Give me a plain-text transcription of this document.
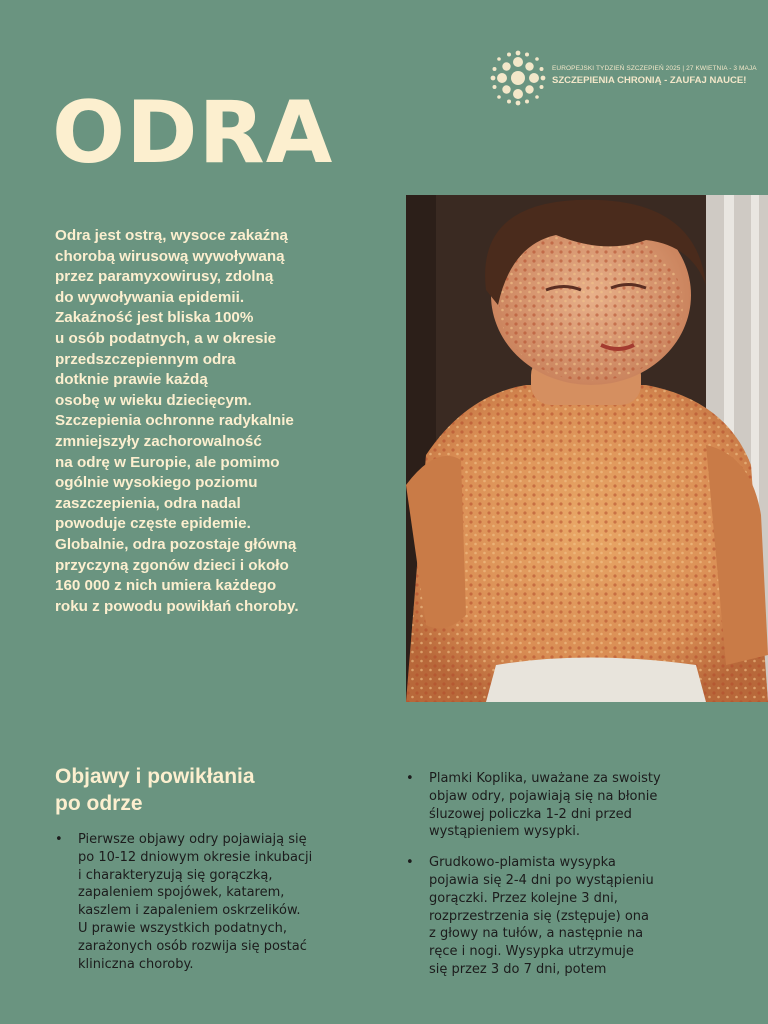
EUROPEJSKI TYDZIEŃ SZCZEPIEŃ 2025 | 27 KWIETNIA - 3 MAJA
SZCZEPIENIA CHRONIĄ - ZAUFAJ NAUCE!
ODRA

Odra jest ostrą, wysoce zakaźną
chorobą wirusową wywoływaną
przez paramyxowirusy, zdolną
do wywoływania epidemii.
Zakaźność jest bliska 100%
u osób podatnych, a w okresie
przedszczepiennym odra
dotknie prawie każdą
osobę w wieku dziecięcym.
Szczepienia ochronne radykalnie
zmniejszyły zachorowalność
na odrę w Europie, ale pomimo
ogólnie wysokiego poziomu
zaszczepienia, odra nadal
powoduje częste epidemie.
Globalnie, odra pozostaje główną
przyczyną zgonów dzieci i około
160 000 z nich umiera każdego
roku z powodu powikłań choroby.

Objawy i powikłania
po odrze
• Pierwsze objawy odry pojawiają się
po 10-12 dniowym okresie inkubacji
i charakteryzują się gorączką,
zapaleniem spojówek, katarem,
kaszlem i zapaleniem oskrzelików.
U prawie wszystkich podatnych,
zarażonych osób rozwija się postać
kliniczna choroby.
• Plamki Koplika, uważane za swoisty
objaw odry, pojawiają się na błonie
śluzowej policzka 1-2 dni przed
wystąpieniem wysypki.
• Grudkowo-plamista wysypka
pojawia się 2-4 dni po wystąpieniu
gorączki. Przez kolejne 3 dni,
rozprzestrzenia się (zstępuje) ona
z głowy na tułów, a następnie na
ręce i nogi. Wysypka utrzymuje
się przez 3 do 7 dni, potem
